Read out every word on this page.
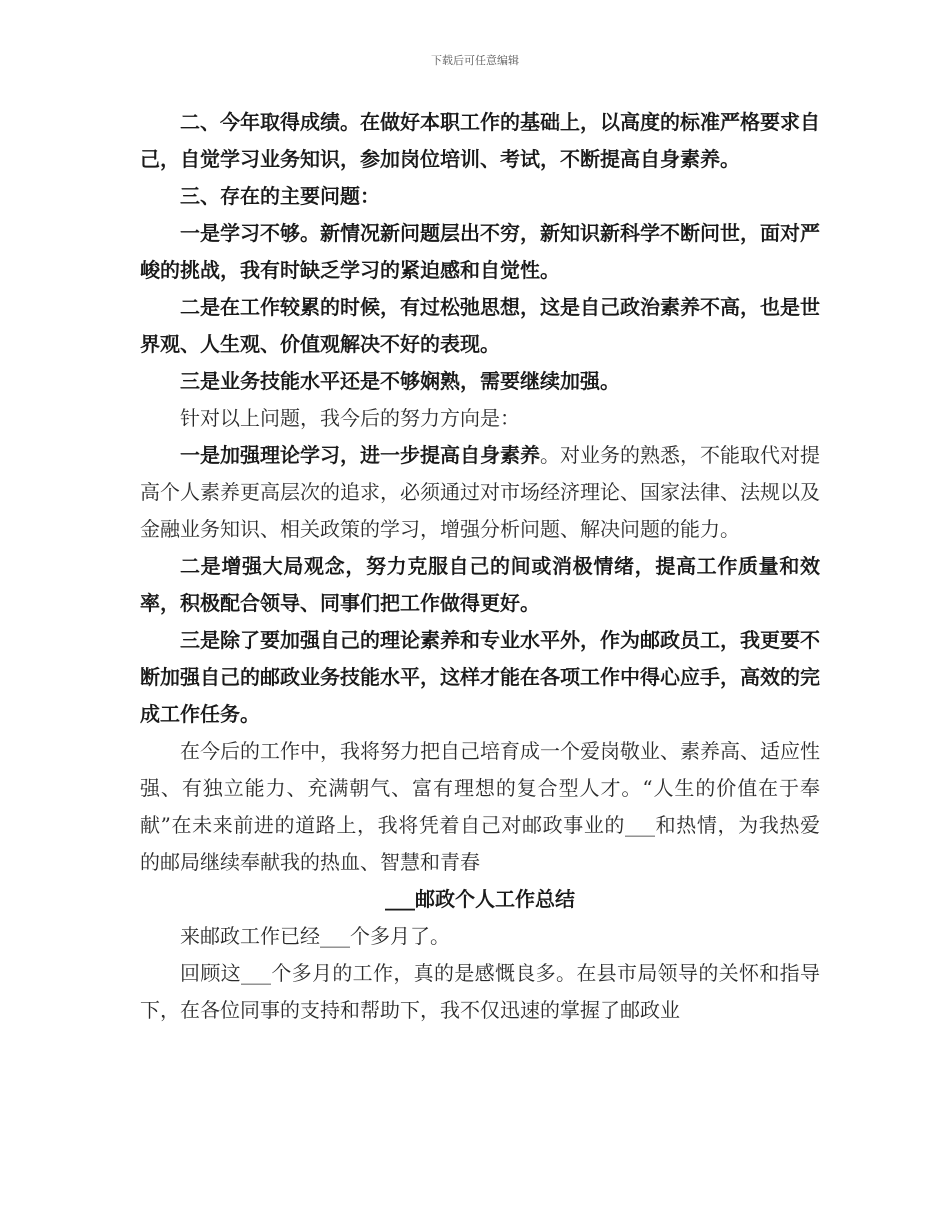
下载后可任意编辑

二、今年取得成绩。在做好本职工作的基础上，以高度的标准严格要求自己，自觉学习业务知识，参加岗位培训、考试，不断提高自身素养。

三、存在的主要问题：

一是学习不够。新情况新问题层出不穷，新知识新科学不断问世，面对严峻的挑战，我有时缺乏学习的紧迫感和自觉性。

二是在工作较累的时候，有过松弛思想，这是自己政治素养不高，也是世界观、人生观、价值观解决不好的表现。

三是业务技能水平还是不够娴熟，需要继续加强。

针对以上问题，我今后的努力方向是：

一是加强理论学习，进一步提高自身素养。对业务的熟悉，不能取代对提高个人素养更高层次的追求，必须通过对市场经济理论、国家法律、法规以及金融业务知识、相关政策的学习，增强分析问题、解决问题的能力。

二是增强大局观念，努力克服自己的间或消极情绪，提高工作质量和效率，积极配合领导、同事们把工作做得更好。

三是除了要加强自己的理论素养和专业水平外，作为邮政员工，我更要不断加强自己的邮政业务技能水平，这样才能在各项工作中得心应手，高效的完成工作任务。

在今后的工作中，我将努力把自己培育成一个爱岗敬业、素养高、适应性强、有独立能力、充满朝气、富有理想的复合型人才。“人生的价值在于奉献”在未来前进的道路上，我将凭着自己对邮政事业的___和热情，为我热爱的邮局继续奉献我的热血、智慧和青春

___邮政个人工作总结

来邮政工作已经___个多月了。

回顾这___个多月的工作，真的是感慨良多。在县市局领导的关怀和指导下，在各位同事的支持和帮助下，我不仅迅速的掌握了邮政业
